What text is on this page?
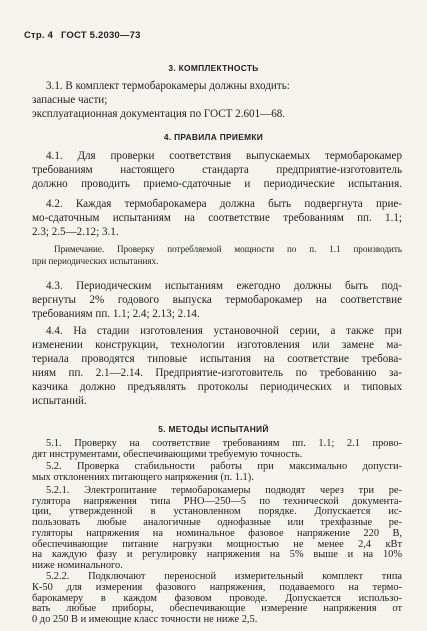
Стр. 4 ГОСТ 5.2030—73
3. КОМПЛЕКТНОСТЬ
3.1. В комплект термобарокамеры должны входить:
запасные части;
эксплуатационная документация по ГОСТ 2.601—68.
4. ПРАВИЛА ПРИЕМКИ
4.1. Для проверки соответствия выпускаемых термобарокамер
требованиям настоящего стандарта предприятие-изготовитель
должно проводить приемо-сдаточные и периодические испытания.
4.2. Каждая термобарокамера должна быть подвергнута прие-
мо-сдаточным испытаниям на соответствие требованиям пп. 1.1;
2.3; 2.5—2.12; 3.1.
Примечание. Проверку потребляемой мощности по п. 1.1 производить
при периодических испытаниях.
4.3. Периодическим испытаниям ежегодно должны быть под-
вергнуты 2% годового выпуска термобарокамер на соответствие
требованиям пп. 1.1; 2.4; 2.13; 2.14.
4.4. На стадии изготовления установочной серии, а также при
изменении конструкции, технологии изготовления или замене ма-
териала проводятся типовые испытания на соответствие требова-
ниям пп. 2.1—2.14. Предприятие-изготовитель по требованию за-
казчика должно предъявлять протоколы периодических и типовых
испытаний.
5. МЕТОДЫ ИСПЫТАНИЙ
5.1. Проверку на соответствие требованиям пп. 1.1; 2.1 прово-
дят инструментами, обеспечивающими требуемую точность.
5.2. Проверка стабильности работы при максимально допусти-
мых отклонениях питающего напряжения (п. 1.1).
5.2.1. Электропитание термобарокамеры подводят через три ре-
гулятора напряжения типа РНО—250—5 по технической документа-
ции, утвержденной в установленном порядке. Допускается ис-
пользовать любые аналогичные однофазные или трехфазные ре-
гуляторы напряжения на номинальное фазовое напряжение 220 В,
обеспечивающие питание нагрузки мощностью не менее 2,4 кВт
на каждую фазу и регулировку напряжения на 5% выше и на 10%
ниже номинального.
5.2.2. Подключают переносной измерительный комплект типа
К-50 для измерения фазового напряжения, подаваемого на термо-
барокамеру в каждом фазовом проводе. Допускается использо-
вать любые приборы, обеспечивающие измерение напряжения от
0 до 250 В и имеющие класс точности не ниже 2,5.
